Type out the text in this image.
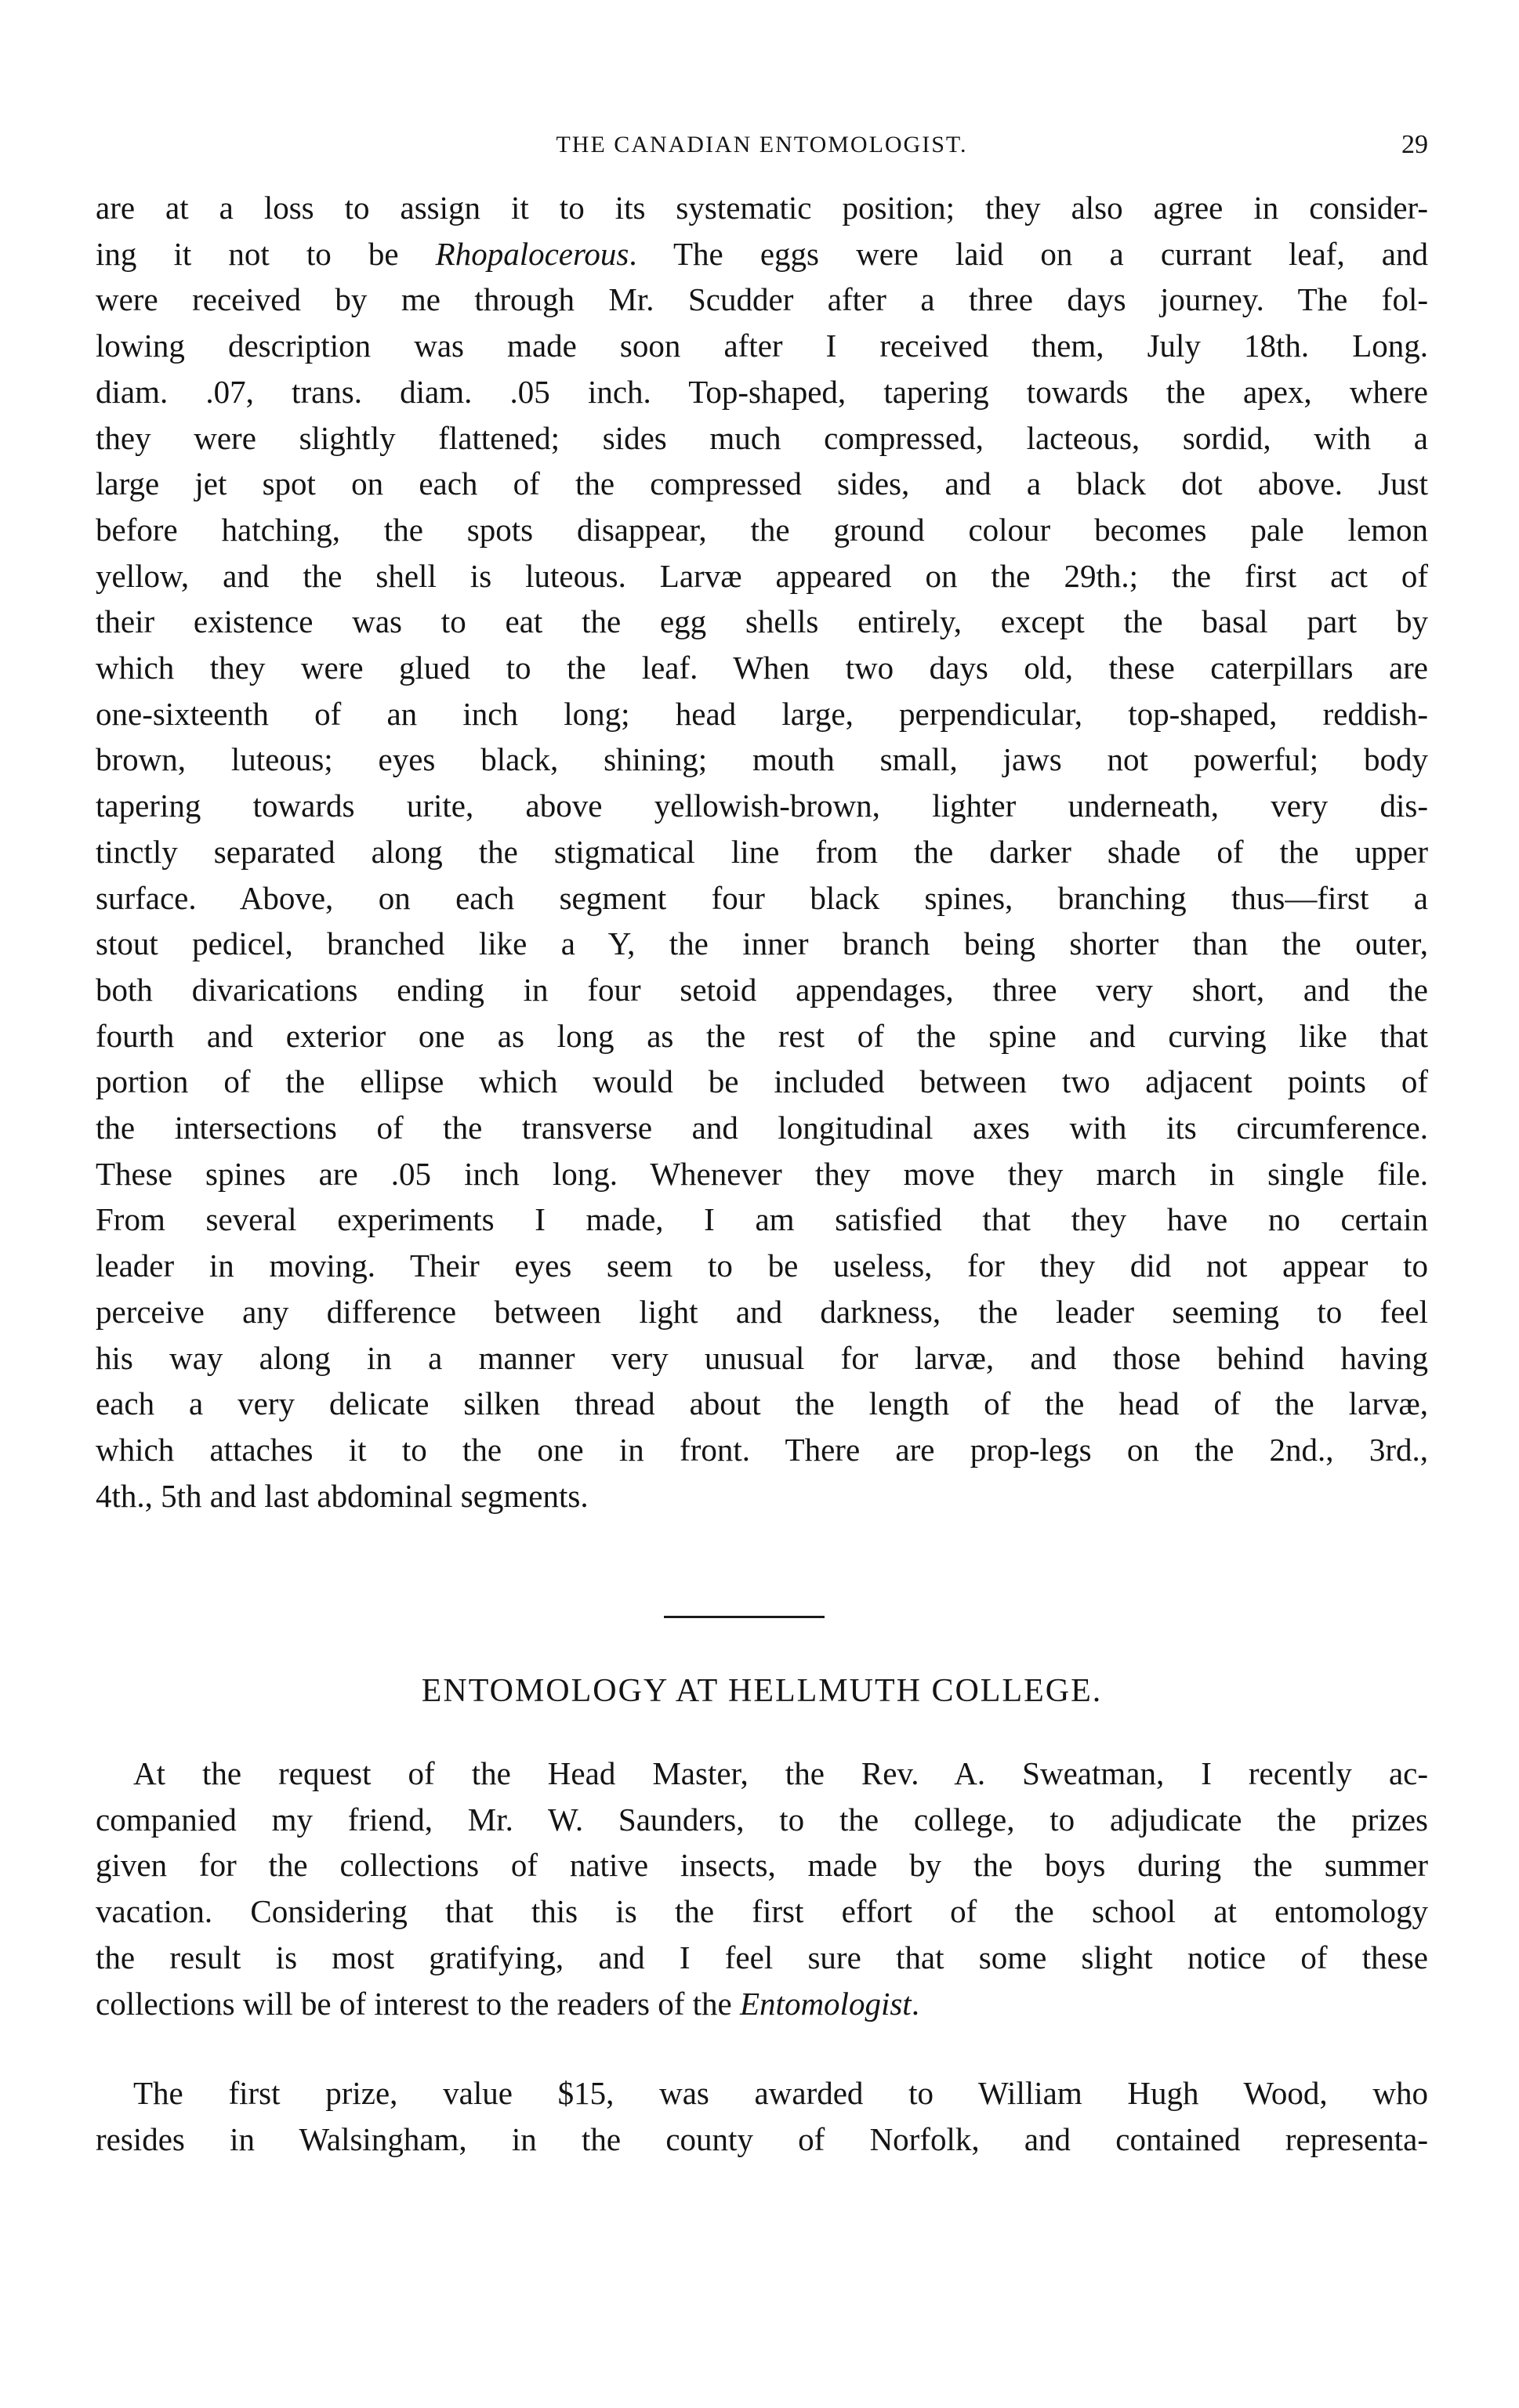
THE CANADIAN ENTOMOLOGIST.	29
are at a loss to assign it to its systematic position; they also agree in consider-
ing it not to be Rhopalocerous. The eggs were laid on a currant leaf, and
were received by me through Mr. Scudder after a three days journey. The fol-
lowing description was made soon after I received them, July 18th. Long.
diam. .07, trans. diam. .05 inch. Top-shaped, tapering towards the apex, where
they were slightly flattened; sides much compressed, lacteous, sordid, with a
large jet spot on each of the compressed sides, and a black dot above. Just
before hatching, the spots disappear, the ground colour becomes pale lemon
yellow, and the shell is luteous. Larvæ appeared on the 29th.; the first act of
their existence was to eat the egg shells entirely, except the basal part by
which they were glued to the leaf. When two days old, these caterpillars are
one-sixteenth of an inch long; head large, perpendicular, top-shaped, reddish-
brown, luteous; eyes black, shining; mouth small, jaws not powerful; body
tapering towards urite, above yellowish-brown, lighter underneath, very dis-
tinctly separated along the stigmatical line from the darker shade of the upper
surface. Above, on each segment four black spines, branching thus—first a
stout pedicel, branched like a Y, the inner branch being shorter than the outer,
both divarications ending in four setoid appendages, three very short, and the
fourth and exterior one as long as the rest of the spine and curving like that
portion of the ellipse which would be included between two adjacent points of
the intersections of the transverse and longitudinal axes with its circumference.
These spines are .05 inch long. Whenever they move they march in single file.
From several experiments I made, I am satisfied that they have no certain
leader in moving. Their eyes seem to be useless, for they did not appear to
perceive any difference between light and darkness, the leader seeming to feel
his way along in a manner very unusual for larvæ, and those behind having
each a very delicate silken thread about the length of the head of the larvæ,
which attaches it to the one in front. There are prop-legs on the 2nd., 3rd.,
4th., 5th and last abdominal segments.
ENTOMOLOGY AT HELLMUTH COLLEGE.
At the request of the Head Master, the Rev. A. Sweatman, I recently ac-
companied my friend, Mr. W. Saunders, to the college, to adjudicate the prizes
given for the collections of native insects, made by the boys during the summer
vacation. Considering that this is the first effort of the school at entomology
the result is most gratifying, and I feel sure that some slight notice of these
collections will be of interest to the readers of the Entomologist.
The first prize, value $15, was awarded to William Hugh Wood, who
resides in Walsingham, in the county of Norfolk, and contained representa-
